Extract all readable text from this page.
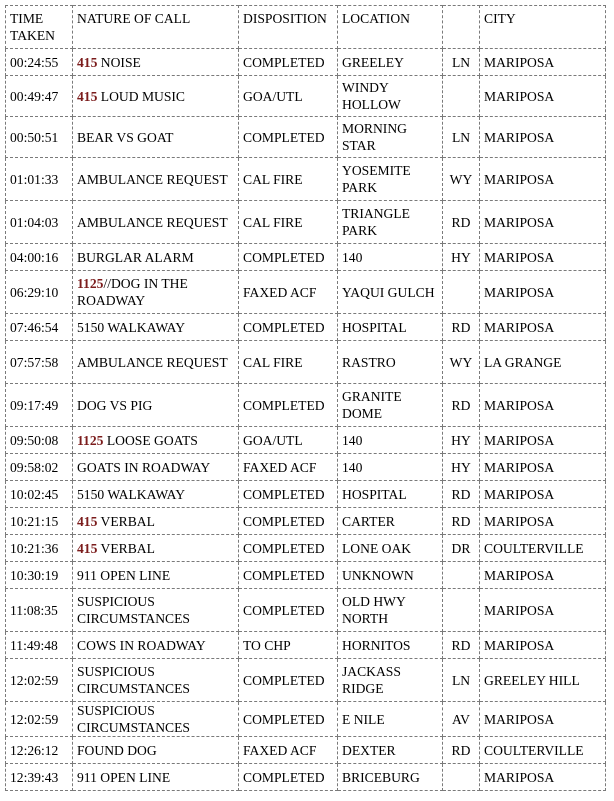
TIME TAKEN	NATURE OF CALL	DISPOSITION	LOCATION		CITY
00:24:55	415 NOISE	COMPLETED	GREELEY	LN	MARIPOSA
00:49:47	415 LOUD MUSIC	GOA/UTL	WINDY HOLLOW		MARIPOSA
00:50:51	BEAR VS GOAT	COMPLETED	MORNING STAR	LN	MARIPOSA
01:01:33	AMBULANCE REQUEST	CAL FIRE	YOSEMITE PARK	WY	MARIPOSA
01:04:03	AMBULANCE REQUEST	CAL FIRE	TRIANGLE PARK	RD	MARIPOSA
04:00:16	BURGLAR ALARM	COMPLETED	140	HY	MARIPOSA
06:29:10	1125//DOG IN THE ROADWAY	FAXED ACF	YAQUI GULCH		MARIPOSA
07:46:54	5150 WALKAWAY	COMPLETED	HOSPITAL	RD	MARIPOSA
07:57:58	AMBULANCE REQUEST	CAL FIRE	RASTRO	WY	LA GRANGE
09:17:49	DOG VS PIG	COMPLETED	GRANITE DOME	RD	MARIPOSA
09:50:08	1125 LOOSE GOATS	GOA/UTL	140	HY	MARIPOSA
09:58:02	GOATS IN ROADWAY	FAXED ACF	140	HY	MARIPOSA
10:02:45	5150 WALKAWAY	COMPLETED	HOSPITAL	RD	MARIPOSA
10:21:15	415 VERBAL	COMPLETED	CARTER	RD	MARIPOSA
10:21:36	415 VERBAL	COMPLETED	LONE OAK	DR	COULTERVILLE
10:30:19	911 OPEN LINE	COMPLETED	UNKNOWN		MARIPOSA
11:08:35	SUSPICIOUS CIRCUMSTANCES	COMPLETED	OLD HWY NORTH		MARIPOSA
11:49:48	COWS IN ROADWAY	TO CHP	HORNITOS	RD	MARIPOSA
12:02:59	SUSPICIOUS CIRCUMSTANCES	COMPLETED	JACKASS RIDGE	LN	GREELEY HILL
12:02:59	SUSPICIOUS CIRCUMSTANCES	COMPLETED	E NILE	AV	MARIPOSA
12:26:12	FOUND DOG	FAXED ACF	DEXTER	RD	COULTERVILLE
12:39:43	911 OPEN LINE	COMPLETED	BRICEBURG		MARIPOSA
